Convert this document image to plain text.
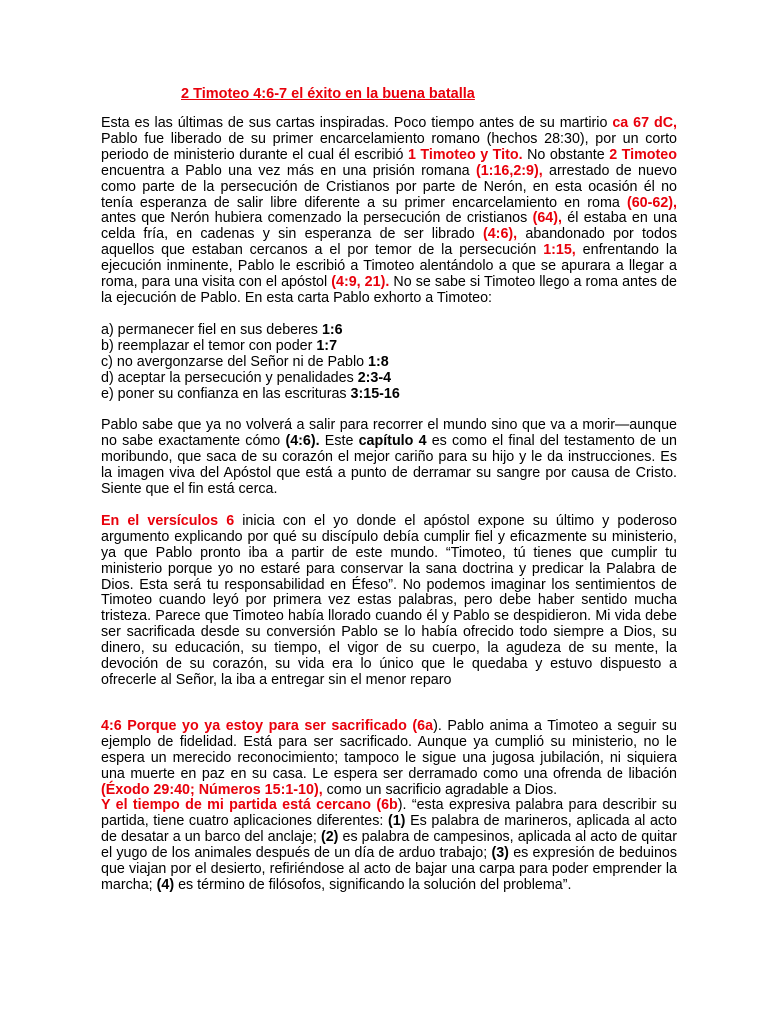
2 Timoteo 4:6-7 el éxito en la buena batalla

Esta es las últimas de sus cartas inspiradas. Poco tiempo antes de su martirio ca 67 dC, Pablo fue liberado de su primer encarcelamiento romano (hechos 28:30), por un corto periodo de ministerio durante el cual él escribió 1 Timoteo y Tito. No obstante 2 Timoteo encuentra a Pablo una vez más en una prisión romana (1:16,2:9), arrestado de nuevo como parte de la persecución de Cristianos por parte de Nerón, en esta ocasión él no tenía esperanza de salir libre diferente a su primer encarcelamiento en roma (60-62), antes que Nerón hubiera comenzado la persecución de cristianos (64), él estaba en una celda fría, en cadenas y sin esperanza de ser librado (4:6), abandonado por todos aquellos que estaban cercanos a el por temor de la persecución 1:15, enfrentando la ejecución inminente, Pablo le escribió a Timoteo alentándolo a que se apurara a llegar a roma, para una visita con el apóstol (4:9, 21). No se sabe si Timoteo llego a roma antes de la ejecución de Pablo. En esta carta Pablo exhorto a Timoteo:

a) permanecer fiel en sus deberes 1:6
b) reemplazar el temor con poder 1:7
c) no avergonzarse del Señor ni de Pablo 1:8
d) aceptar la persecución y penalidades 2:3-4
e) poner su confianza en las escrituras 3:15-16

Pablo sabe que ya no volverá a salir para recorrer el mundo sino que va a morir—aunque no sabe exactamente cómo (4:6). Este capítulo 4 es como el final del testamento de un moribundo, que saca de su corazón el mejor cariño para su hijo y le da instrucciones. Es la imagen viva del Apóstol que está a punto de derramar su sangre por causa de Cristo. Siente que el fin está cerca.

En el versículos 6 inicia con el yo donde el apóstol expone su último y poderoso argumento explicando por qué su discípulo debía cumplir fiel y eficazmente su ministerio, ya que Pablo pronto iba a partir de este mundo. “Timoteo, tú tienes que cumplir tu ministerio porque yo no estaré para conservar la sana doctrina y predicar la Palabra de Dios. Esta será tu responsabilidad en Éfeso”. No podemos imaginar los sentimientos de Timoteo cuando leyó por primera vez estas palabras, pero debe haber sentido mucha tristeza. Parece que Timoteo había llorado cuando él y Pablo se despidieron. Mi vida debe ser sacrificada desde su conversión Pablo se lo había ofrecido todo siempre a Dios, su dinero, su educación, su tiempo, el vigor de su cuerpo, la agudeza de su mente, la devoción de su corazón, su vida era lo único que le quedaba y estuvo dispuesto a ofrecerle al Señor, la iba a entregar sin el menor reparo

4:6 Porque yo ya estoy para ser sacrificado (6a). Pablo anima a Timoteo a seguir su ejemplo de fidelidad. Está para ser sacrificado. Aunque ya cumplió su ministerio, no le espera un merecido reconocimiento; tampoco le sigue una jugosa jubilación, ni siquiera una muerte en paz en su casa. Le espera ser derramado como una ofrenda de libación (Éxodo 29:40; Números 15:1-10), como un sacrificio agradable a Dios.

Y el tiempo de mi partida está cercano (6b). “esta expresiva palabra para describir su partida, tiene cuatro aplicaciones diferentes: (1) Es palabra de marineros, aplicada al acto de desatar a un barco del anclaje; (2) es palabra de campesinos, aplicada al acto de quitar el yugo de los animales después de un día de arduo trabajo; (3) es expresión de beduinos que viajan por el desierto, refiriéndose al acto de bajar una carpa para poder emprender la marcha; (4) es término de filósofos, significando la solución del problema”.
